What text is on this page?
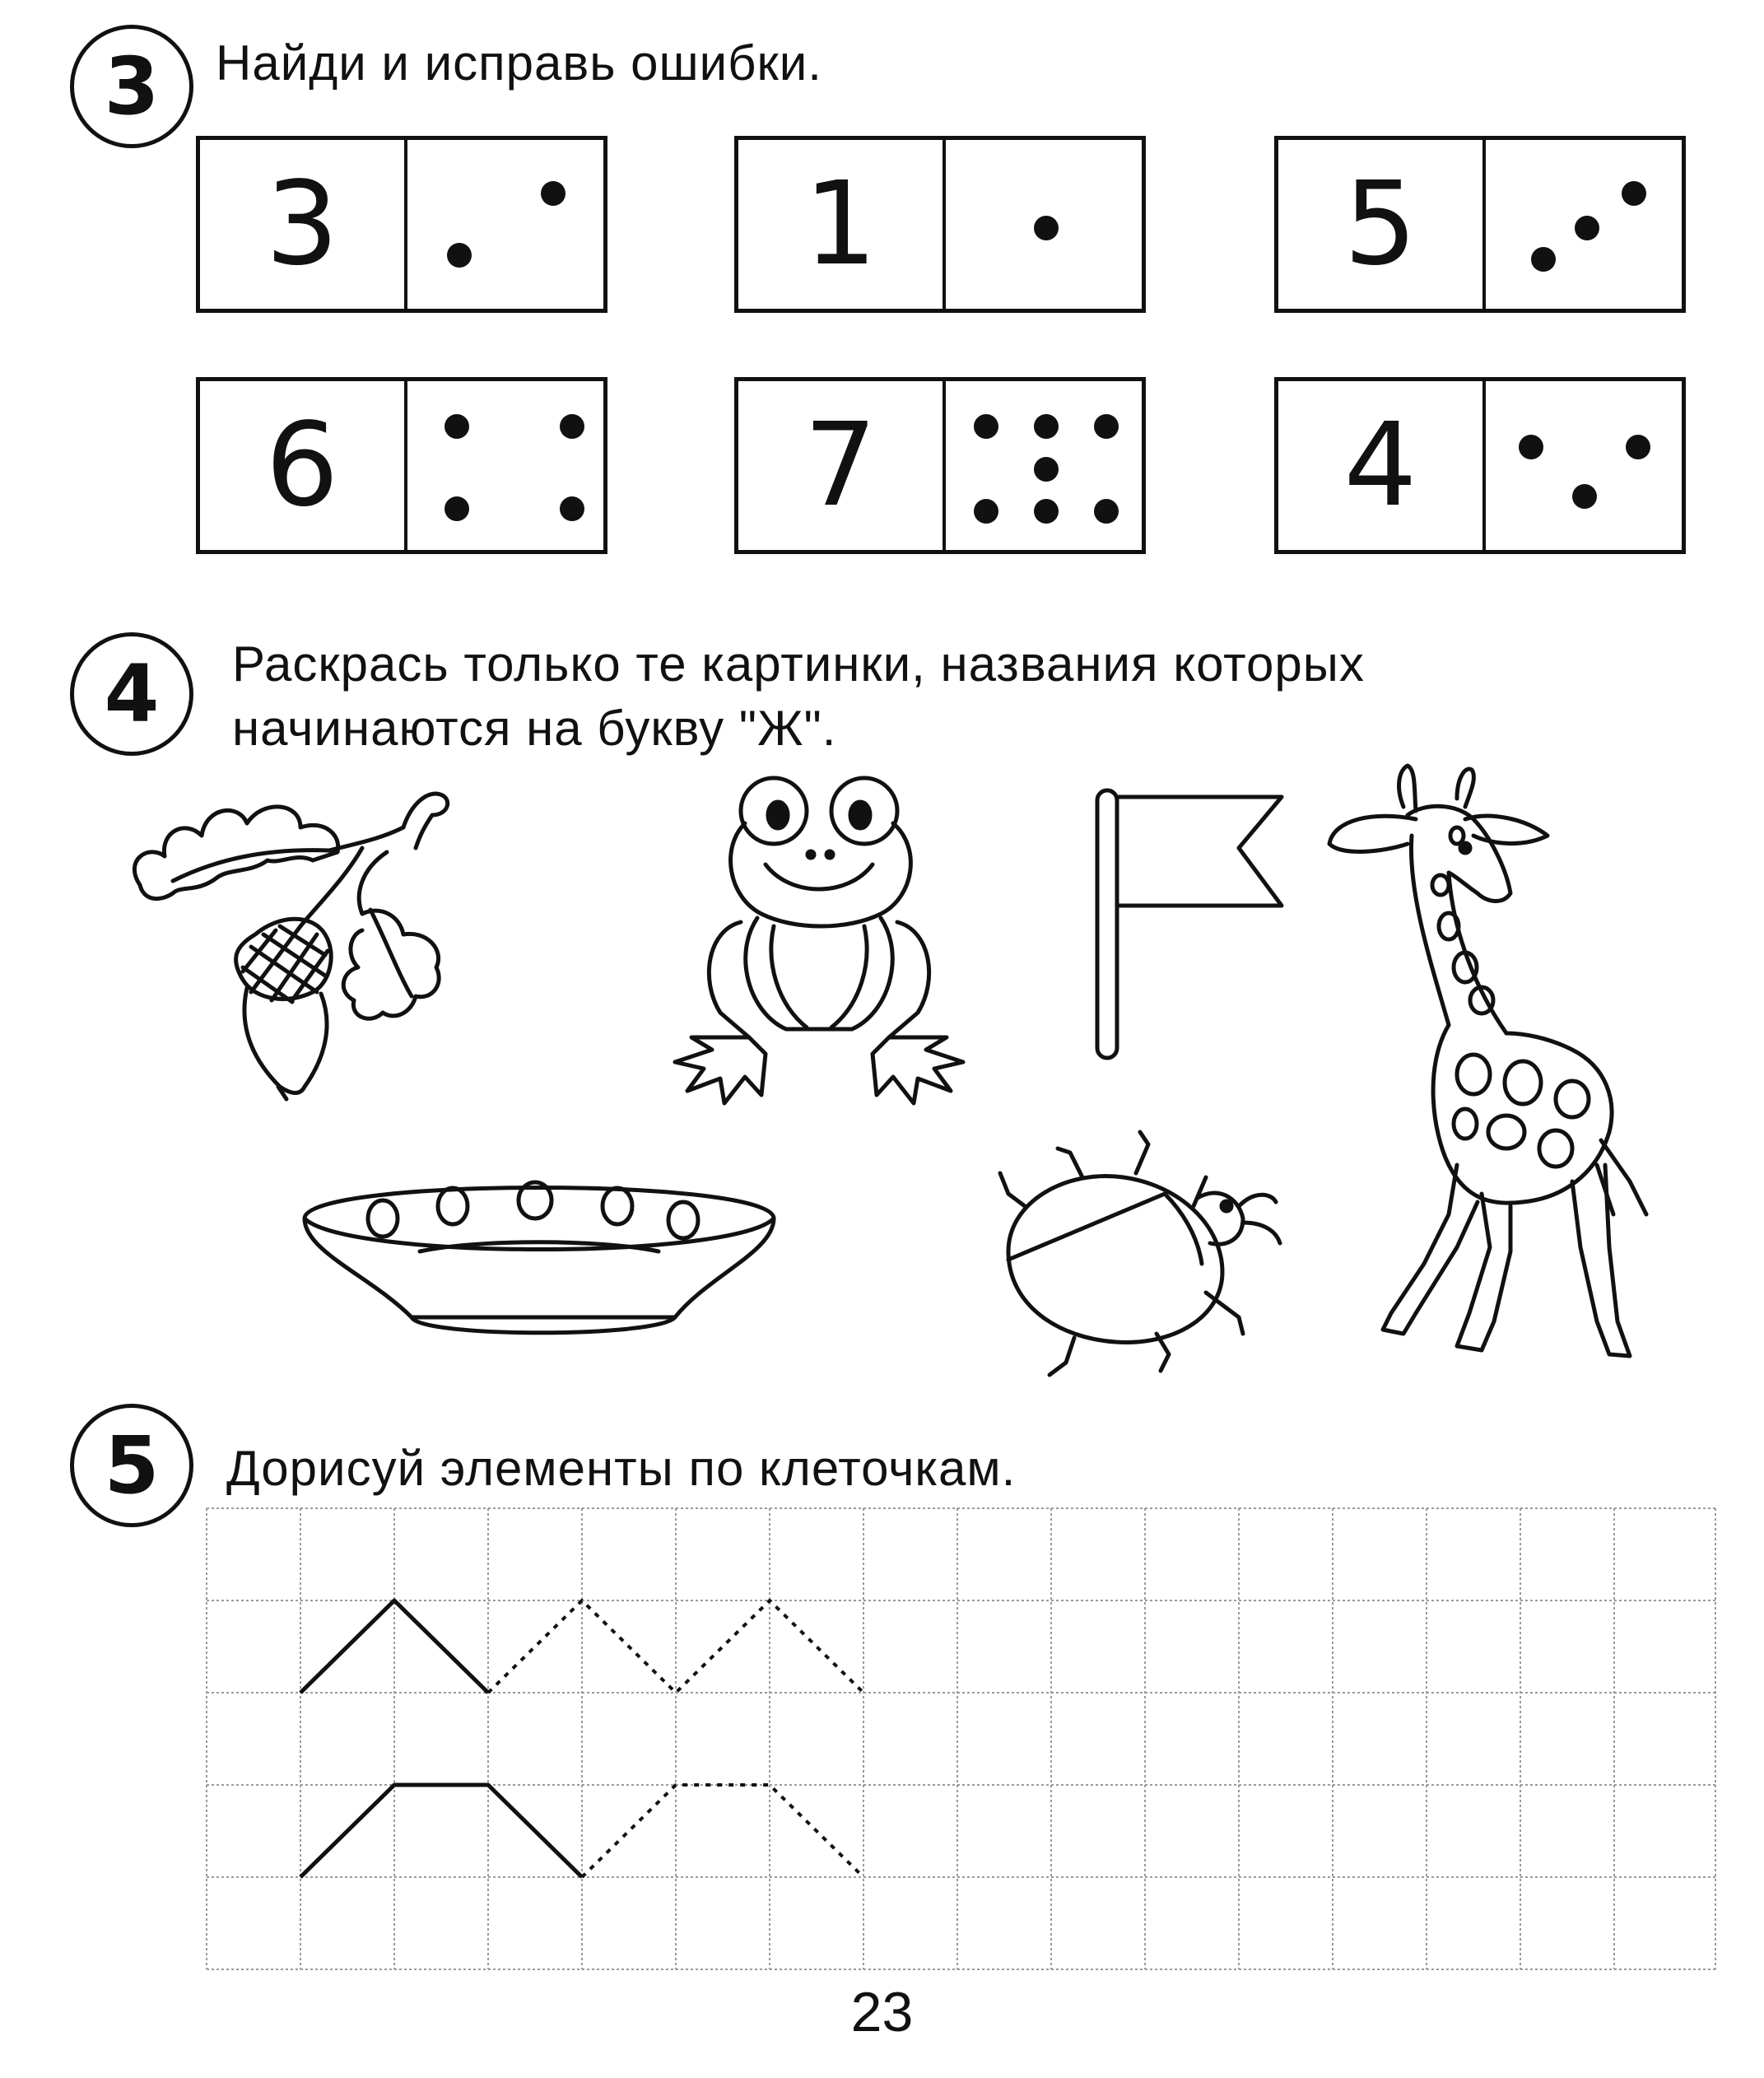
3 Найди и исправь ошибки.
3	1	5
6	7	4
4 Раскрась только те картинки, названия которых
начинаются на букву "Ж".
5 Дорисуй элементы по клеточкам.
23
